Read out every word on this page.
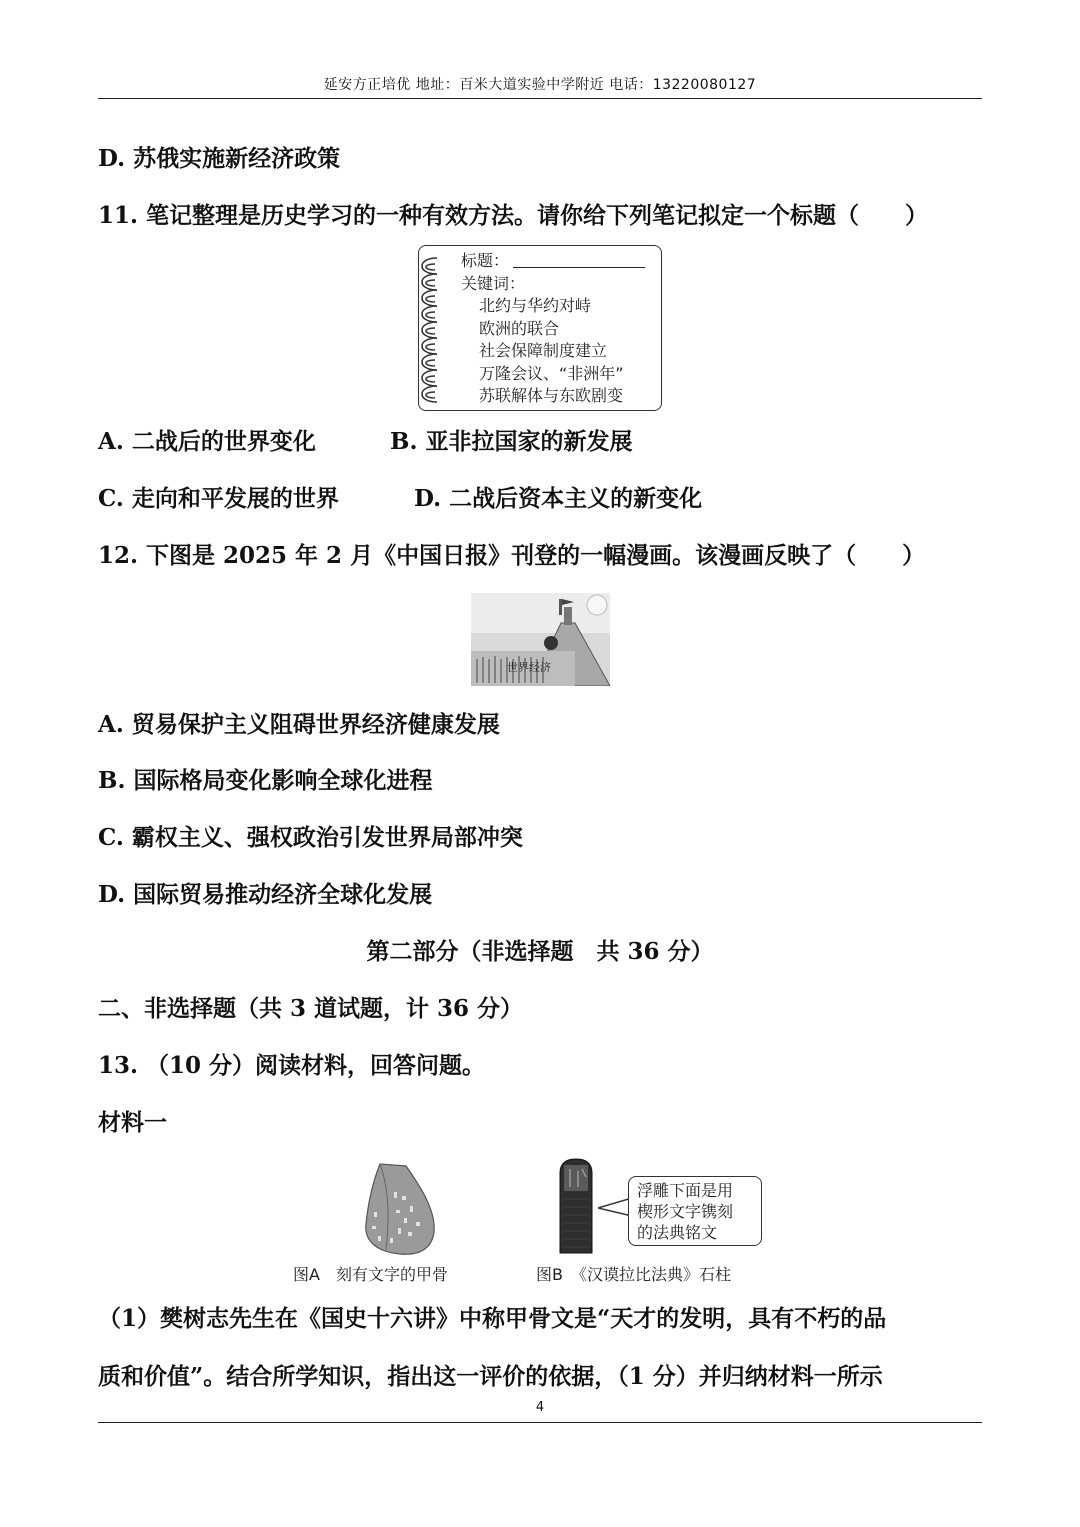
延安方正培优 地址：百米大道实验中学附近 电话：13220080127
D. 苏俄实施新经济政策
11. 笔记整理是历史学习的一种有效方法。请你给下列笔记拟定一个标题（　　）
标题：
关键词：
北约与华约对峙
欧洲的联合
社会保障制度建立
万隆会议、“非洲年”
苏联解体与东欧剧变
A. 二战后的世界变化	B. 亚非拉国家的新发展
C. 走向和平发展的世界	D. 二战后资本主义的新变化
12. 下图是 2025 年 2 月《中国日报》刊登的一幅漫画。该漫画反映了（　　）
世界经济
A. 贸易保护主义阻碍世界经济健康发展
B. 国际格局变化影响全球化进程
C. 霸权主义、强权政治引发世界局部冲突
D. 国际贸易推动经济全球化发展
第二部分（非选择题　共 36 分）
二、非选择题（共 3 道试题，计 36 分）
13. （10 分）阅读材料，回答问题。
材料一
浮雕下面是用
楔形文字镌刻
的法典铭文
图A　刻有文字的甲骨	图B　《汉谟拉比法典》石柱
（1）樊树志先生在《国史十六讲》中称甲骨文是“天才的发明，具有不朽的品
质和价值”。结合所学知识，指出这一评价的依据，（1 分）并归纳材料一所示
4
